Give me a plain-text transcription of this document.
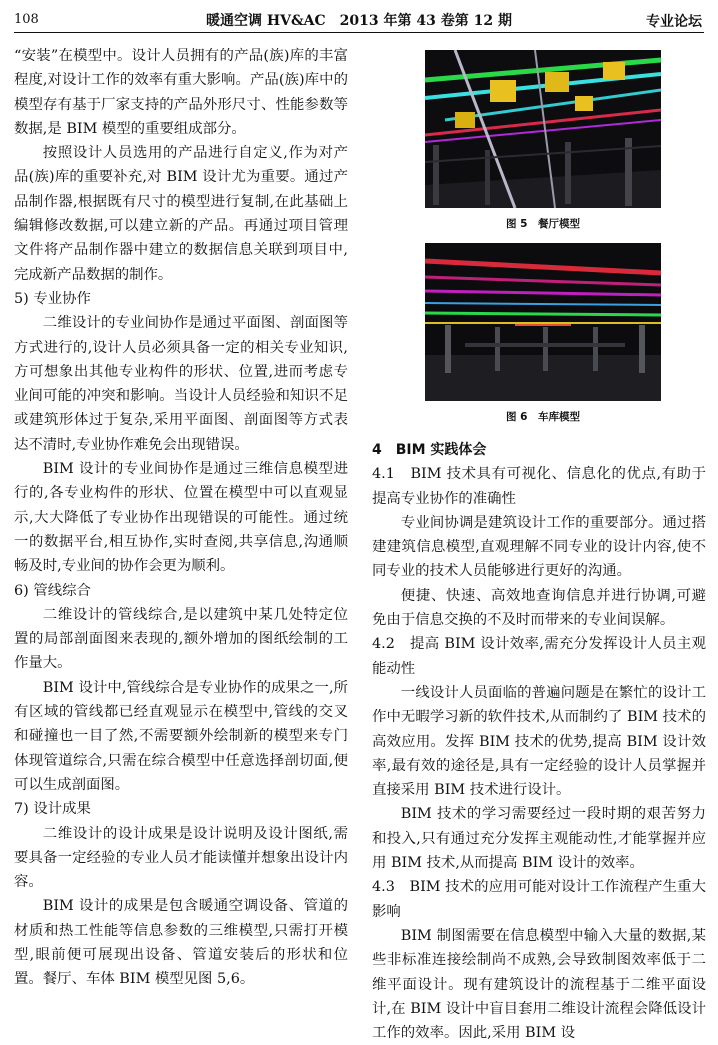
108	暖通空调 HV&AC　2013 年第 43 卷第 12 期	专业论坛

“安装”在模型中。设计人员拥有的产品(族)库的丰富程度,对设计工作的效率有重大影响。产品(族)库中的模型存有基于厂家支持的产品外形尺寸、性能参数等数据,是 BIM 模型的重要组成部分。

按照设计人员选用的产品进行自定义,作为对产品(族)库的重要补充,对 BIM 设计尤为重要。通过产品制作器,根据既有尺寸的模型进行复制,在此基础上编辑修改数据,可以建立新的产品。再通过项目管理文件将产品制作器中建立的数据信息关联到项目中,完成新产品数据的制作。

5) 专业协作

二维设计的专业间协作是通过平面图、剖面图等方式进行的,设计人员必须具备一定的相关专业知识,方可想象出其他专业构件的形状、位置,进而考虑专业间可能的冲突和影响。当设计人员经验和知识不足或建筑形体过于复杂,采用平面图、剖面图等方式表达不清时,专业协作难免会出现错误。

BIM 设计的专业间协作是通过三维信息模型进行的,各专业构件的形状、位置在模型中可以直观显示,大大降低了专业协作出现错误的可能性。通过统一的数据平台,相互协作,实时查阅,共享信息,沟通顺畅及时,专业间的协作会更为顺利。

6) 管线综合

二维设计的管线综合,是以建筑中某几处特定位置的局部剖面图来表现的,额外增加的图纸绘制的工作量大。

BIM 设计中,管线综合是专业协作的成果之一,所有区域的管线都已经直观显示在模型中,管线的交叉和碰撞也一目了然,不需要额外绘制新的模型来专门体现管道综合,只需在综合模型中任意选择剖切面,便可以生成剖面图。

7) 设计成果

二维设计的设计成果是设计说明及设计图纸,需要具备一定经验的专业人员才能读懂并想象出设计内容。

BIM 设计的成果是包含暖通空调设备、管道的材质和热工性能等信息参数的三维模型,只需打开模型,眼前便可展现出设备、管道安装后的形状和位置。餐厅、车体 BIM 模型见图 5,6。

图 5　餐厅模型
图 6　车库模型

4　BIM 实践体会

4.1　BIM 技术具有可视化、信息化的优点,有助于提高专业协作的准确性

专业间协调是建筑设计工作的重要部分。通过搭建建筑信息模型,直观理解不同专业的设计内容,使不同专业的技术人员能够进行更好的沟通。

便捷、快速、高效地查询信息并进行协调,可避免由于信息交换的不及时而带来的专业间误解。

4.2　提高 BIM 设计效率,需充分发挥设计人员主观能动性

一线设计人员面临的普遍问题是在繁忙的设计工作中无暇学习新的软件技术,从而制约了 BIM 技术的高效应用。发挥 BIM 技术的优势,提高 BIM 设计效率,最有效的途径是,具有一定经验的设计人员掌握并直接采用 BIM 技术进行设计。

BIM 技术的学习需要经过一段时期的艰苦努力和投入,只有通过充分发挥主观能动性,才能掌握并应用 BIM 技术,从而提高 BIM 设计的效率。

4.3　BIM 技术的应用可能对设计工作流程产生重大影响

BIM 制图需要在信息模型中输入大量的数据,某些非标准连接绘制尚不成熟,会导致制图效率低于二维平面设计。现有建筑设计的流程基于二维平面设计,在 BIM 设计中盲目套用二维设计流程会降低设计工作的效率。因此,采用 BIM 设
